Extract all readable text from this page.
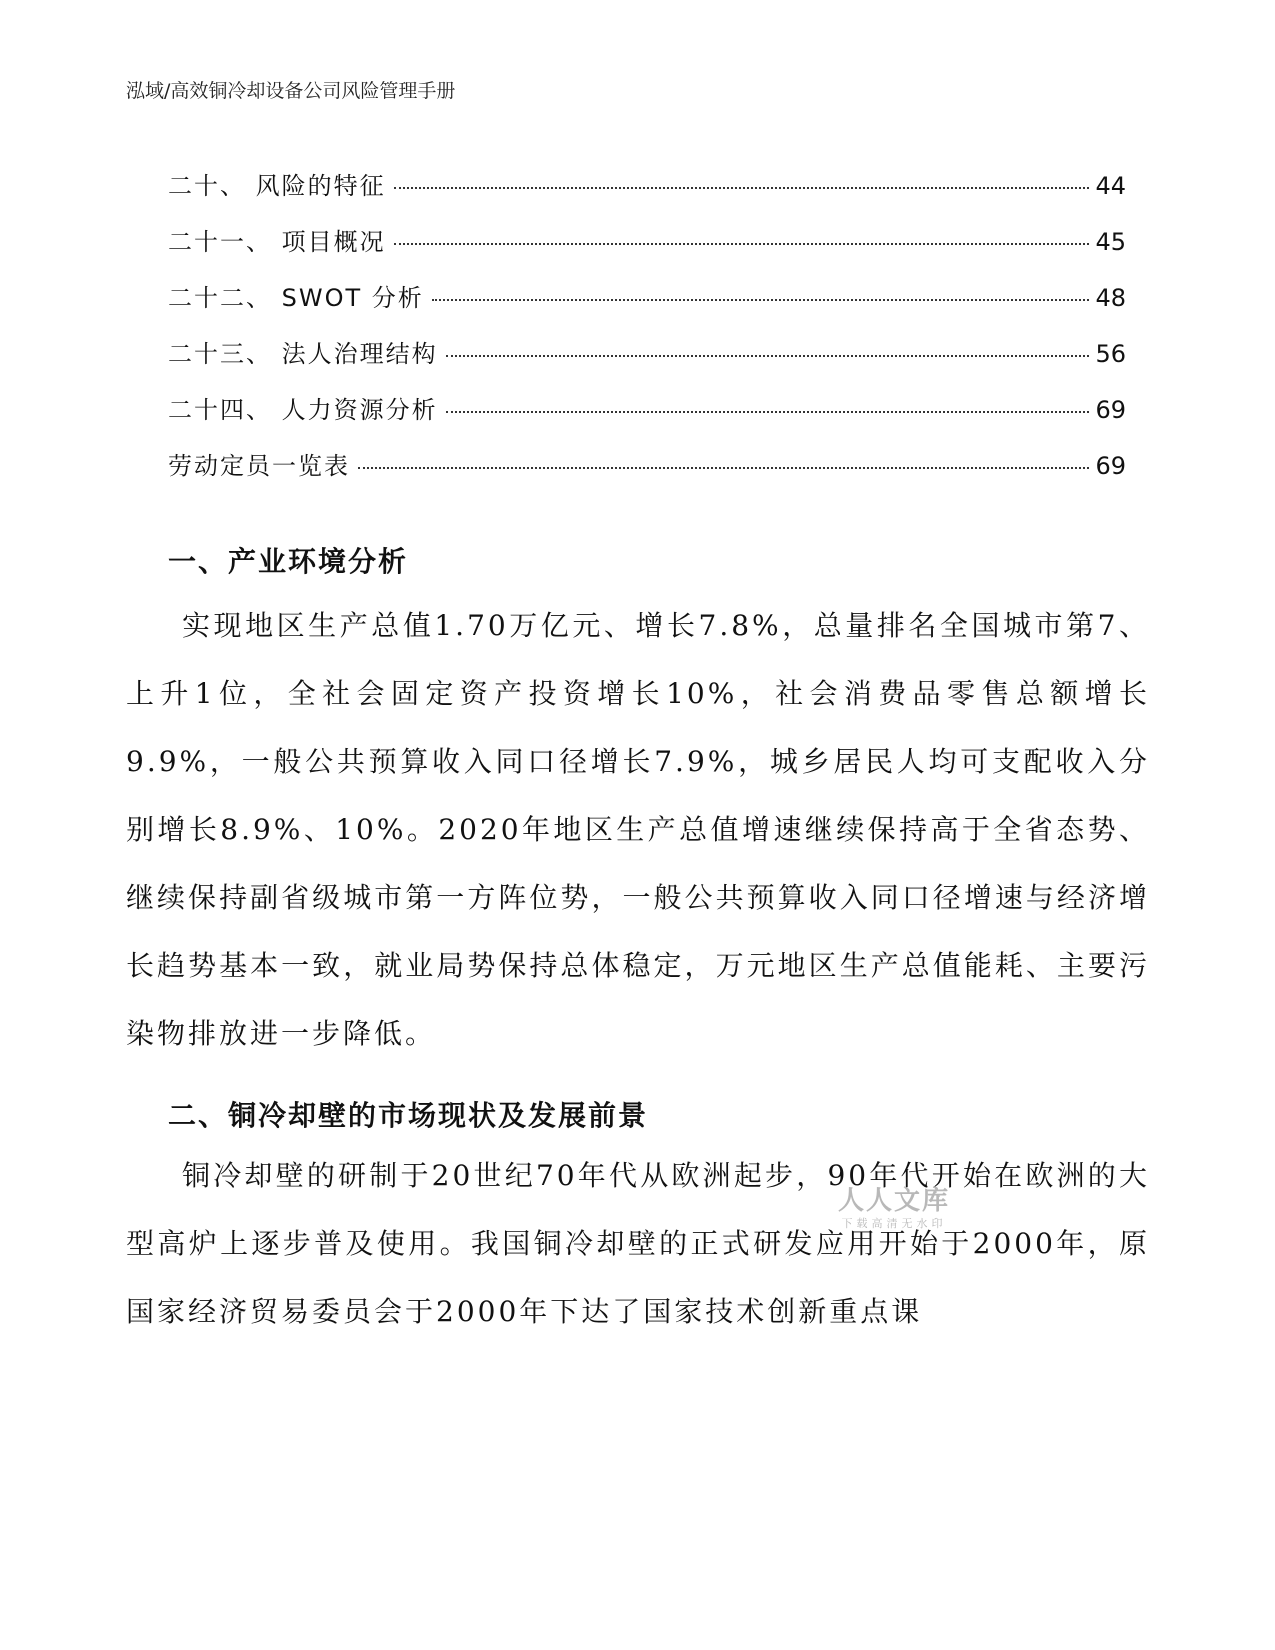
泓域/高效铜冷却设备公司风险管理手册
二十、 风险的特征	44
二十一、 项目概况	45
二十二、 SWOT 分析	48
二十三、 法人治理结构	56
二十四、 人力资源分析	69
劳动定员一览表	69
一、产业环境分析
实现地区生产总值1.70万亿元、增长7.8%，总量排名全国城市第7、上升1位，全社会固定资产投资增长10%，社会消费品零售总额增长9.9%，一般公共预算收入同口径增长7.9%，城乡居民人均可支配收入分别增长8.9%、10%。2020年地区生产总值增速继续保持高于全省态势、继续保持副省级城市第一方阵位势，一般公共预算收入同口径增速与经济增长趋势基本一致，就业局势保持总体稳定，万元地区生产总值能耗、主要污染物排放进一步降低。
二、铜冷却壁的市场现状及发展前景
铜冷却壁的研制于20世纪70年代从欧洲起步，90年代开始在欧洲的大型高炉上逐步普及使用。我国铜冷却壁的正式研发应用开始于2000年，原国家经济贸易委员会于2000年下达了国家技术创新重点课
人人文库
下载高清无水印
